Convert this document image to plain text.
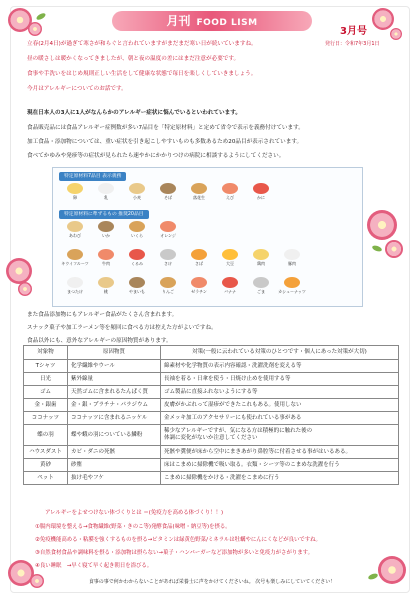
月刊 FOOD LISM
3月号
発行日：令和7年3月1日
立春(2月4日)が過ぎて寒さが和らぐと言われていますがまだまだ寒い日が続いていますね。
昼の暖さしは暖かくなってきましたが、朝と夜の温度の差にはまだ注意が必要です。
食事や手洗いをはじめ規則正しい生活をして健康な状態で毎日を楽しくしていきましょう。
今月はアレルギーについてのお話です。
現在日本人の3人に1人がなんらかのアレルギー症状に悩んでいるといわれています。
食品販売品には食品アレルギー症例数が多い7品目を「特定原材料」と定めて省令で表示を義務付けています。
加工食品・添加物については、重い症状を引き起こしやすいものも多数あるため20品目が表示されています。
食べてかゆみや発疹等の症状が見られたら速やかにかかりつけの病院に相談するようにしてください。
特定原材料7品目 表示義務
卵	乳	小麦	そば	落花生	えび	かに
特定原材料に準ずるもの 推奨20品目
あわび	いか	いくら	オレンジ
キウイフルーツ	牛肉	くるみ	さけ	さば	大豆	鶏肉	豚肉
まつたけ	桃	やまいも	りんご	ゼラチン	バナナ	ごま	カシューナッツ
また食品添加物にもアレルギー食品がたくさん含まれます。
スナック菓子や加工ラーメン等を頻回に食べる方は控えた方がよいですね。
食品以外にも、意外なアレルギーの原因物質があります。
対象物	原因物質	対策(一般に云われている対策のひとつです・個人にあった対策が大切)
Tシャツ	化学繊維やウール	綿素材や化学物質の表示内容確認・洗濯洗剤を変える等
日光	紫外線量	長袖を着る・日傘を使う・日焼け止めを使用する等
ゴム	天然ゴムに含まれるたんぱく質	ゴム製品に直接ふれないようにする等
金・銀歯	金・銀・プラチナ・パラジウム	皮膚がかぶれって湿疹ができたこれもある。使用しない
ココナッツ	ココナッツに含まれるニッケル	金メッキ加工のアクセサリーにも使われている事がある
蝶の羽	蝶や蛾の羽についている鱗粉	稀少なアレルギーですが、気になる方は積極的に触れた後の
体調に変化がないか注意してください
ハウスダスト	カビ・ダニの死骸	死骸や糞便が床から空中にまきあがり鼻腔等に付着させる事がはいるある。
黄砂	砂塵	床はこまめに掃除機で吸い取る。衣類・シーツ等のこまめな洗濯を行う
ペット	抜け毛やフケ	こまめに掃除機をかける・洗濯をこまめに行う
アレルギーをよせつけない体づくりとは ＝(免疫力を高める体づくり！！)
①腸内環境を整える→食物繊維(野菜・きのこ等)発酵食品(味噌・納豆等)を摂る。
②免疫機能高める・粘膜を強くするものを摂る→ビタミンは緑黄色野菜/ミネラルは牡蠣やにんにくなどが良いですね。
③自然食材食品や調味料を摂る・添加物は摂らない→菓子・ハンバーガーなど添加物が多いと免疫力がさがります。
④良い睡眠　→早く寝て早く起き朝日を浴びる。
食事の事で何かわからないことがあれば栄養士に声をかけてくださいね。 次号も楽しみにしていてください！
